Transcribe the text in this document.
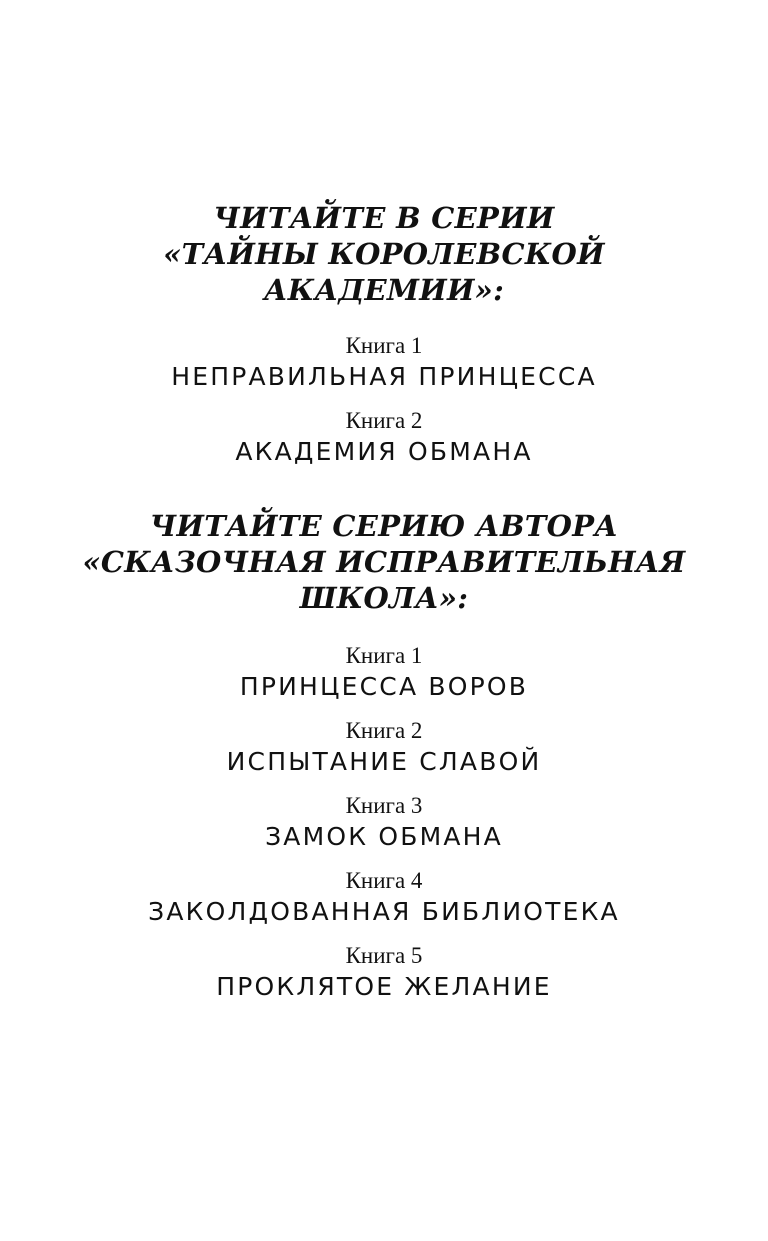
ЧИТАЙТЕ В СЕРИИ
«ТАЙНЫ КОРОЛЕВСКОЙ
АКАДЕМИИ»:
Книга 1
НЕПРАВИЛЬНАЯ ПРИНЦЕССА
Книга 2
АКАДЕМИЯ ОБМАНА
ЧИТАЙТЕ СЕРИЮ АВТОРА
«СКАЗОЧНАЯ ИСПРАВИТЕЛЬНАЯ
ШКОЛА»:
Книга 1
ПРИНЦЕССА ВОРОВ
Книга 2
ИСПЫТАНИЕ СЛАВОЙ
Книга 3
ЗАМОК ОБМАНА
Книга 4
ЗАКОЛДОВАННАЯ БИБЛИОТЕКА
Книга 5
ПРОКЛЯТОЕ ЖЕЛАНИЕ
